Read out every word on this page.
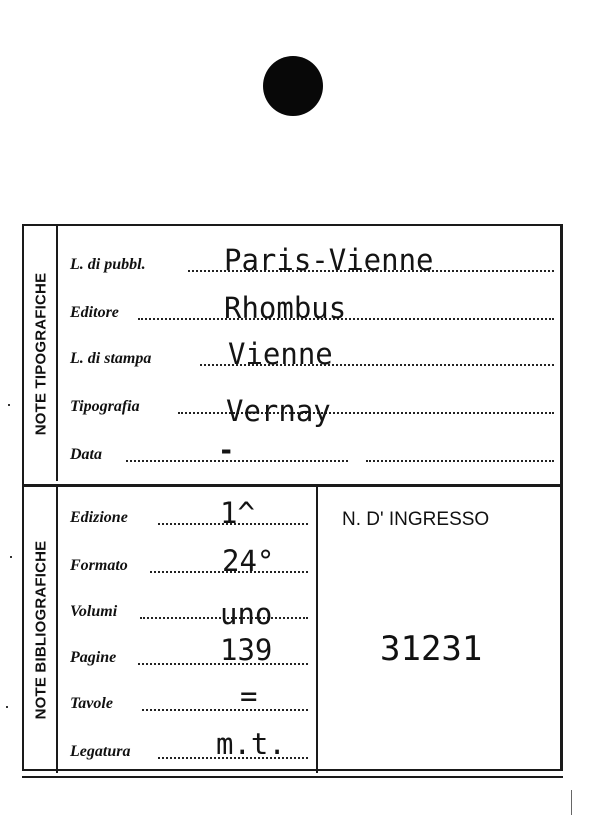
NOTE TIPOGRAFICHE
L. di pubbl.	Paris-Vienne
Editore	Rhombus
L. di stampa	Vienne
Tipografia	Vernay
Data	▬
NOTE BIBLIOGRAFICHE
Edizione	1^
Formato	24°
Volumi	uno
Pagine	139
Tavole	=
Legatura	m.t.
N. D' INGRESSO
31231
